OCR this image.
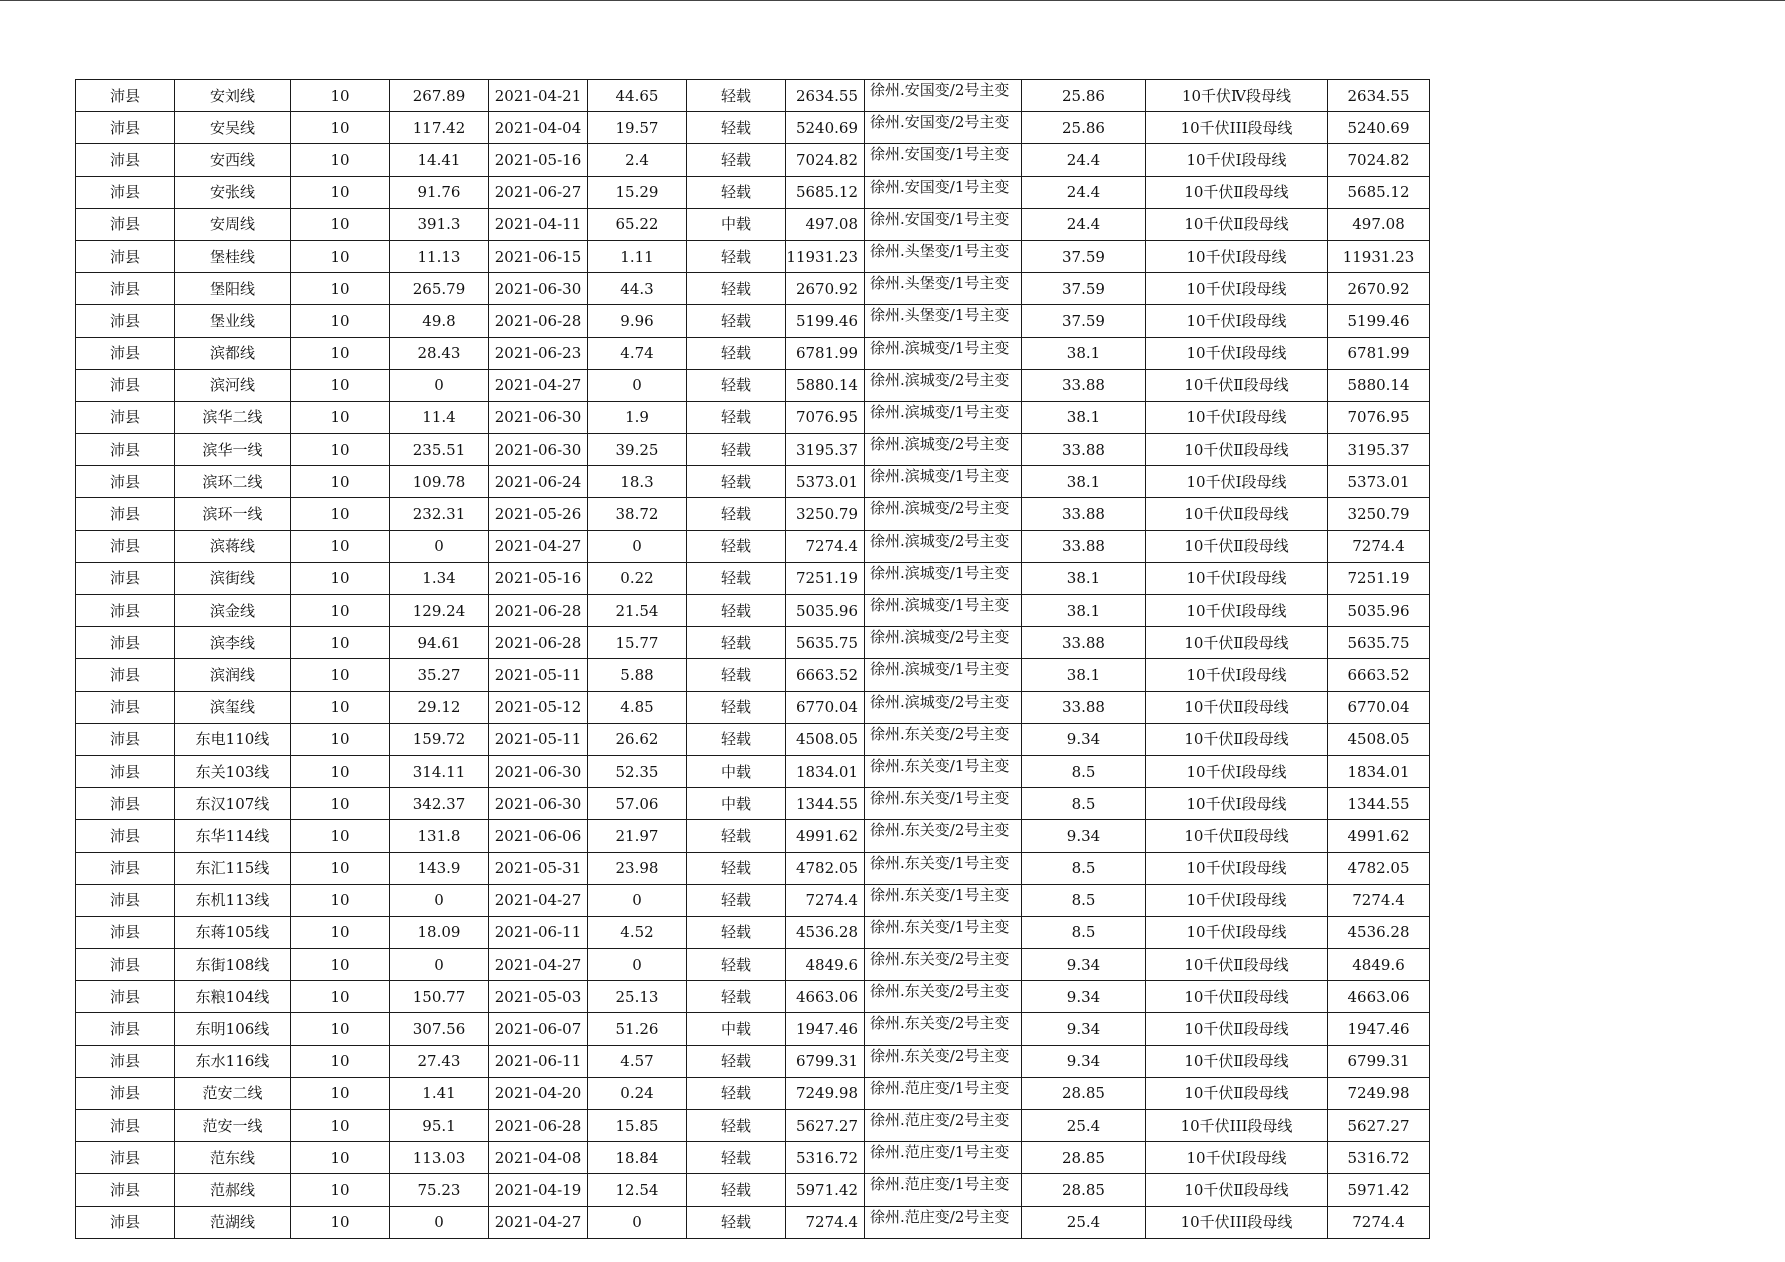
沛县	安刘线	10	267.89	2021-04-21	44.65	轻载	2634.55	徐州.安国变/2号主变	25.86	10千伏Ⅳ段母线	2634.55
沛县	安吴线	10	117.42	2021-04-04	19.57	轻载	5240.69	徐州.安国变/2号主变	25.86	10千伏III段母线	5240.69
沛县	安西线	10	14.41	2021-05-16	2.4	轻载	7024.82	徐州.安国变/1号主变	24.4	10千伏Ⅰ段母线	7024.82
沛县	安张线	10	91.76	2021-06-27	15.29	轻载	5685.12	徐州.安国变/1号主变	24.4	10千伏Ⅱ段母线	5685.12
沛县	安周线	10	391.3	2021-04-11	65.22	中载	497.08	徐州.安国变/1号主变	24.4	10千伏Ⅱ段母线	497.08
沛县	堡桂线	10	11.13	2021-06-15	1.11	轻载	11931.23	徐州.头堡变/1号主变	37.59	10千伏Ⅰ段母线	11931.23
沛县	堡阳线	10	265.79	2021-06-30	44.3	轻载	2670.92	徐州.头堡变/1号主变	37.59	10千伏Ⅰ段母线	2670.92
沛县	堡业线	10	49.8	2021-06-28	9.96	轻载	5199.46	徐州.头堡变/1号主变	37.59	10千伏Ⅰ段母线	5199.46
沛县	滨都线	10	28.43	2021-06-23	4.74	轻载	6781.99	徐州.滨城变/1号主变	38.1	10千伏Ⅰ段母线	6781.99
沛县	滨河线	10	0	2021-04-27	0	轻载	5880.14	徐州.滨城变/2号主变	33.88	10千伏Ⅱ段母线	5880.14
沛县	滨华二线	10	11.4	2021-06-30	1.9	轻载	7076.95	徐州.滨城变/1号主变	38.1	10千伏Ⅰ段母线	7076.95
沛县	滨华一线	10	235.51	2021-06-30	39.25	轻载	3195.37	徐州.滨城变/2号主变	33.88	10千伏Ⅱ段母线	3195.37
沛县	滨环二线	10	109.78	2021-06-24	18.3	轻载	5373.01	徐州.滨城变/1号主变	38.1	10千伏Ⅰ段母线	5373.01
沛县	滨环一线	10	232.31	2021-05-26	38.72	轻载	3250.79	徐州.滨城变/2号主变	33.88	10千伏Ⅱ段母线	3250.79
沛县	滨蒋线	10	0	2021-04-27	0	轻载	7274.4	徐州.滨城变/2号主变	33.88	10千伏Ⅱ段母线	7274.4
沛县	滨街线	10	1.34	2021-05-16	0.22	轻载	7251.19	徐州.滨城变/1号主变	38.1	10千伏Ⅰ段母线	7251.19
沛县	滨金线	10	129.24	2021-06-28	21.54	轻载	5035.96	徐州.滨城变/1号主变	38.1	10千伏Ⅰ段母线	5035.96
沛县	滨李线	10	94.61	2021-06-28	15.77	轻载	5635.75	徐州.滨城变/2号主变	33.88	10千伏Ⅱ段母线	5635.75
沛县	滨润线	10	35.27	2021-05-11	5.88	轻载	6663.52	徐州.滨城变/1号主变	38.1	10千伏Ⅰ段母线	6663.52
沛县	滨玺线	10	29.12	2021-05-12	4.85	轻载	6770.04	徐州.滨城变/2号主变	33.88	10千伏Ⅱ段母线	6770.04
沛县	东电110线	10	159.72	2021-05-11	26.62	轻载	4508.05	徐州.东关变/2号主变	9.34	10千伏Ⅱ段母线	4508.05
沛县	东关103线	10	314.11	2021-06-30	52.35	中载	1834.01	徐州.东关变/1号主变	8.5	10千伏Ⅰ段母线	1834.01
沛县	东汉107线	10	342.37	2021-06-30	57.06	中载	1344.55	徐州.东关变/1号主变	8.5	10千伏Ⅰ段母线	1344.55
沛县	东华114线	10	131.8	2021-06-06	21.97	轻载	4991.62	徐州.东关变/2号主变	9.34	10千伏Ⅱ段母线	4991.62
沛县	东汇115线	10	143.9	2021-05-31	23.98	轻载	4782.05	徐州.东关变/1号主变	8.5	10千伏Ⅰ段母线	4782.05
沛县	东机113线	10	0	2021-04-27	0	轻载	7274.4	徐州.东关变/1号主变	8.5	10千伏Ⅰ段母线	7274.4
沛县	东蒋105线	10	18.09	2021-06-11	4.52	轻载	4536.28	徐州.东关变/1号主变	8.5	10千伏Ⅰ段母线	4536.28
沛县	东街108线	10	0	2021-04-27	0	轻载	4849.6	徐州.东关变/2号主变	9.34	10千伏Ⅱ段母线	4849.6
沛县	东粮104线	10	150.77	2021-05-03	25.13	轻载	4663.06	徐州.东关变/2号主变	9.34	10千伏Ⅱ段母线	4663.06
沛县	东明106线	10	307.56	2021-06-07	51.26	中载	1947.46	徐州.东关变/2号主变	9.34	10千伏Ⅱ段母线	1947.46
沛县	东水116线	10	27.43	2021-06-11	4.57	轻载	6799.31	徐州.东关变/2号主变	9.34	10千伏Ⅱ段母线	6799.31
沛县	范安二线	10	1.41	2021-04-20	0.24	轻载	7249.98	徐州.范庄变/1号主变	28.85	10千伏Ⅱ段母线	7249.98
沛县	范安一线	10	95.1	2021-06-28	15.85	轻载	5627.27	徐州.范庄变/2号主变	25.4	10千伏III段母线	5627.27
沛县	范东线	10	113.03	2021-04-08	18.84	轻载	5316.72	徐州.范庄变/1号主变	28.85	10千伏Ⅰ段母线	5316.72
沛县	范郝线	10	75.23	2021-04-19	12.54	轻载	5971.42	徐州.范庄变/1号主变	28.85	10千伏Ⅱ段母线	5971.42
沛县	范湖线	10	0	2021-04-27	0	轻载	7274.4	徐州.范庄变/2号主变	25.4	10千伏III段母线	7274.4
